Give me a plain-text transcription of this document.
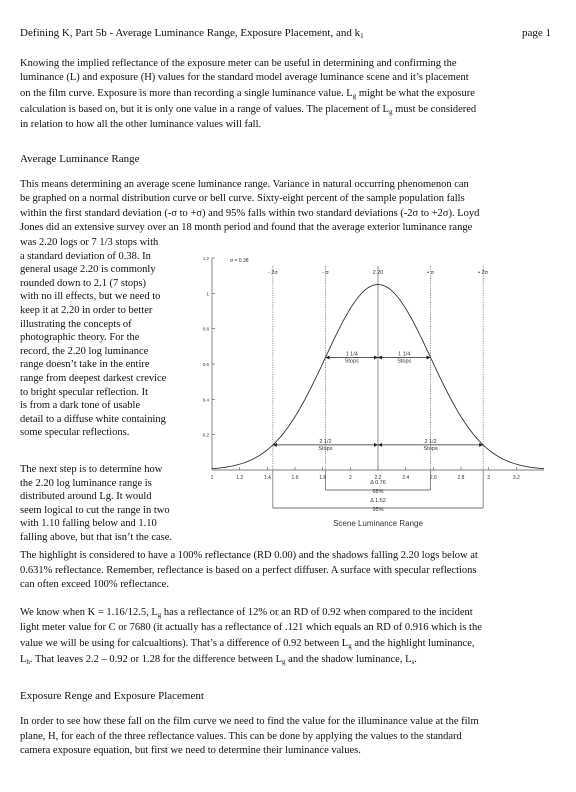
Defining K, Part 5b - Average Luminance Range, Exposure Placement, and $k_1$	page 1
Knowing the implied reflectance of the exposure meter can be useful in determining and confirming the
luminance (L) and exposure (H) values for the standard model average luminance scene and it’s placement
on the film curve. Exposure is more than recording a single luminance value. $L_g$ might be what the exposure
calculation is based on, but it is only one value in a range of values. The placement of $L_g$ must be considered
in relation to how all the other luminance values will fall.
Average Luminance Range
This means determining an average scene luminance range. Variance in natural occurring phenomenon can
be graphed on a normal distribution curve or bell curve. Sixty-eight percent of the sample population falls
within the first standard deviation (-σ to +σ) and 95% falls within two standard deviations (-2σ to +2σ). Loyd
Jones did an extensive survey over an 18 month period and found that the average exterior luminance range
was 2.20 logs or 7 1/3 stops with
a standard deviation of 0.38. In
general usage 2.20 is commonly
rounded down to 2.1 (7 stops)
with no ill effects, but we need to
keep it at 2.20 in order to better
illustrating the concepts of
photographic theory. For the
record, the 2.20 log luminance
range doesn’t take in the entire
range from deepest darkest crevice
to bright specular reflection. It
is from a dark tone of usable
detail to a diffuse white containing
some specular reflections.
The next step is to determine how
the 2.20 log luminance range is
distributed around Lg. It would
seem logical to cut the range in two
with 1.10 falling below and 1.10
falling above, but that isn’t the case.
The highlight is considered to have a 100% reflectance (RD 0.00) and the shadows falling 2.20 logs below at
0.631% reflectance. Remember, reflectance is based on a perfect diffuser. A surface with specular reflections
can often exceed 100% reflectance.
0.2
0.4
0.6
0.8
1
1.2
1	1.2	1.4	1.6	1.8	2	2.2	2.4	2.6	2.8	3	3.2
σ = 0.38
- 2σ	- σ	2.20	• σ	• 2σ
1 1/4
Stops
1 1/4
Stops
2 1/2
Stops
2 1/2
Stops
Δ 0.76
68%
Δ 1.52
95%
Scene Luminance Range
We know when K = 1.16/12.5, $L_g$ has a reflectance of 12% or an RD of 0.92 when compared to the incident
light meter value for C or 7680 (it actually has a reflectance of .121 which equals an RD of 0.916 which is the
value we will be using for calcualtions). That’s a difference of 0.92 between $L_g$ and the highlight luminance,
$L_h$. That leaves 2.2 – 0.92 or 1.28 for the difference between $L_g$ and the shadow luminance, $L_s$.
Exposure Renge and Exposure Placement
In order to see how these fall on the film curve we need to find the value for the illuminance value at the film
plane, H, for each of the three reflectance values. This can be done by applying the values to the standard
camera exposure equation, but first we need to determine their luminance values.
